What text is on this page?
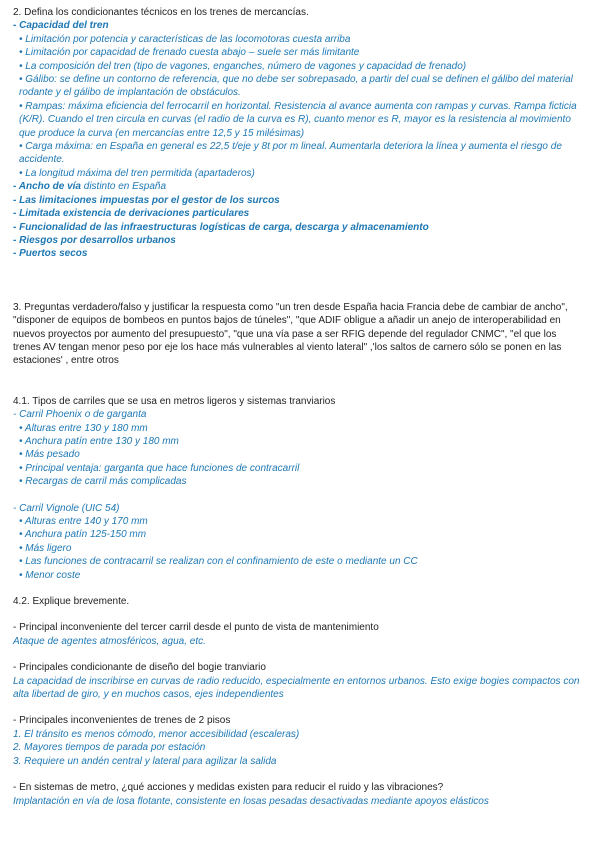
2. Defina los condicionantes técnicos en los trenes de mercancías.
- Capacidad del tren
• Limitación por potencia y características de las locomotoras cuesta arriba
• Limitación por capacidad de frenado cuesta abajo – suele ser más limitante
• La composición del tren (tipo de vagones, enganches, número de vagones y capacidad de frenado)
• Gálibo: se define un contorno de referencia, que no debe ser sobrepasado, a partir del cual se definen el gálibo del material rodante y el gálibo de implantación de obstáculos.
• Rampas: máxima eficiencia del ferrocarril en horizontal. Resistencia al avance aumenta con rampas y curvas. Rampa ficticia (K/R). Cuando el tren circula en curvas (el radio de la curva es R), cuanto menor es R, mayor es la resistencia al movimiento que produce la curva (en mercancías entre 12,5 y 15 milésimas)
• Carga máxima: en España en general es 22,5 t/eje y 8t por m lineal. Aumentarla deteriora la línea y aumenta el riesgo de accidente.
• La longitud máxima del tren permitida (apartaderos)
- Ancho de vía distinto en España
- Las limitaciones impuestas por el gestor de los surcos
- Limitada existencia de derivaciones particulares
- Funcionalidad de las infraestructuras logísticas de carga, descarga y almacenamiento
- Riesgos por desarrollos urbanos
- Puertos secos
3. Preguntas verdadero/falso y justificar la respuesta como "un tren desde España hacia Francia debe de cambiar de ancho", "disponer de equipos de bombeos en puntos bajos de túneles", "que ADIF obligue a añadir un anejo de interoperabilidad en nuevos proyectos por aumento del presupuesto", "que una vía pase a ser RFIG depende del regulador CNMC", "el que los trenes AV tengan menor peso por eje los hace más vulnerables al viento lateral" ,'los saltos de carnero sólo se ponen en las estaciones' , entre otros
4.1. Tipos de carriles que se usa en metros ligeros y sistemas tranviarios
- Carril Phoenix o de garganta
• Alturas entre 130 y 180 mm
• Anchura patín entre 130 y 180 mm
• Más pesado
• Principal ventaja: garganta que hace funciones de contracarril
• Recargas de carril más complicadas
- Carril Vignole (UIC 54)
• Alturas entre 140 y 170 mm
• Anchura patín 125-150 mm
• Más ligero
• Las funciones de contracarril se realizan con el confinamiento de este o mediante un CC
• Menor coste
4.2. Explique brevemente.
- Principal inconveniente del tercer carril desde el punto de vista de mantenimiento
Ataque de agentes atmosféricos, agua, etc.
- Principales condicionante de diseño del bogie tranviario
La capacidad de inscribirse en curvas de radio reducido, especialmente en entornos urbanos. Esto exige bogies compactos con alta libertad de giro, y en muchos casos, ejes independientes
- Principales inconvenientes de trenes de 2 pisos
1. El tránsito es menos cómodo, menor accesibilidad (escaleras)
2. Mayores tiempos de parada por estación
3. Requiere un andén central y lateral para agilizar la salida
- En sistemas de metro, ¿qué acciones y medidas existen para reducir el ruido y las vibraciones?
Implantación en vía de losa flotante, consistente en losas pesadas desactivadas mediante apoyos elásticos
